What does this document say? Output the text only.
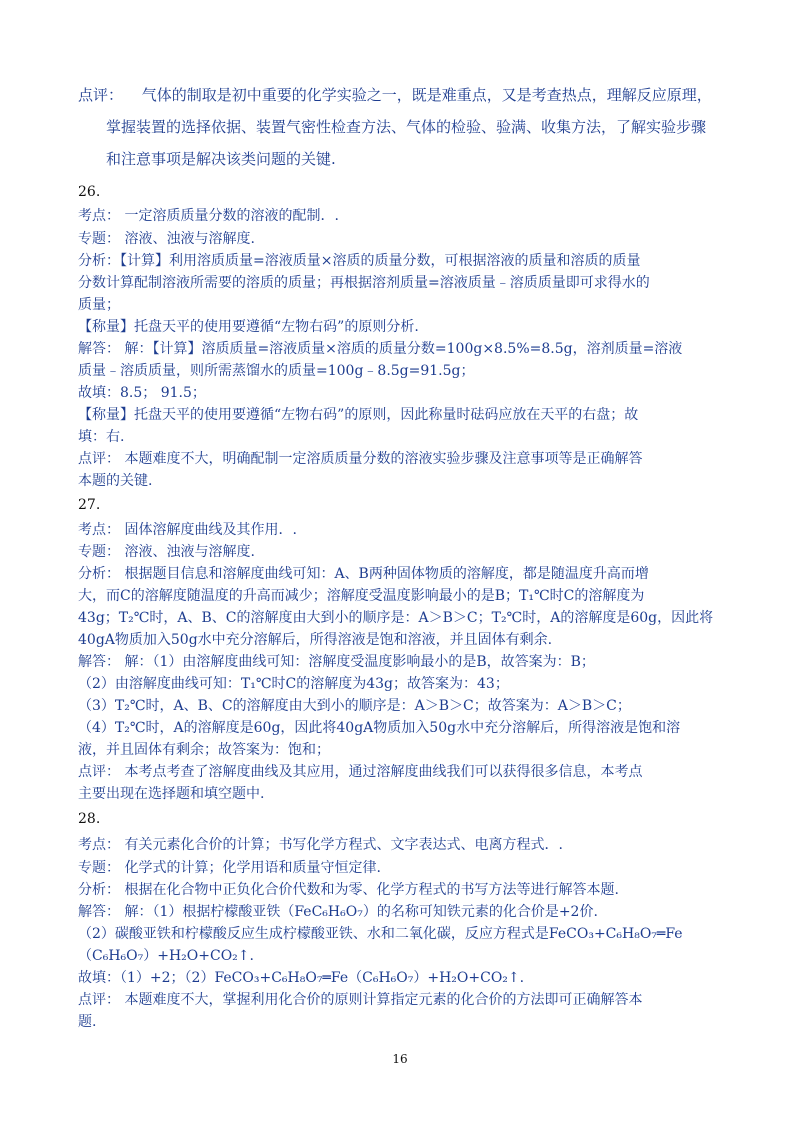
点评： 气体的制取是初中重要的化学实验之一，既是难重点，又是考查热点，理解反应原理，
掌握装置的选择依据、装置气密性检查方法、气体的检验、验满、收集方法，了解实验步骤
和注意事项是解决该类问题的关键.
26.
考点： 一定溶质质量分数的溶液的配制．.
专题： 溶液、浊液与溶解度.
分析：【计算】利用溶质质量=溶液质量×溶质的质量分数，可根据溶液的质量和溶质的质量
分数计算配制溶液所需要的溶质的质量；再根据溶剂质量=溶液质量﹣溶质质量即可求得水的
质量；
【称量】托盘天平的使用要遵循“左物右码”的原则分析.
解答： 解：【计算】溶质质量=溶液质量×溶质的质量分数=100g×8.5%=8.5g，溶剂质量=溶液
质量﹣溶质质量，则所需蒸馏水的质量=100g﹣8.5g=91.5g；
故填：8.5； 91.5；
【称量】托盘天平的使用要遵循“左物右码”的原则，因此称量时砝码应放在天平的右盘；故
填：右.
点评： 本题难度不大，明确配制一定溶质质量分数的溶液实验步骤及注意事项等是正确解答
本题的关键.
27.
考点： 固体溶解度曲线及其作用．.
专题： 溶液、浊液与溶解度.
分析： 根据题目信息和溶解度曲线可知：A、B两种固体物质的溶解度，都是随温度升高而增
大，而C的溶解度随温度的升高而减少；溶解度受温度影响最小的是B；T₁℃时C的溶解度为
43g；T₂℃时，A、B、C的溶解度由大到小的顺序是：A＞B＞C；T₂℃时，A的溶解度是60g，因此将
40gA物质加入50g水中充分溶解后，所得溶液是饱和溶液，并且固体有剩余.
解答： 解：（1）由溶解度曲线可知：溶解度受温度影响最小的是B，故答案为：B；
（2）由溶解度曲线可知：T₁℃时C的溶解度为43g；故答案为：43；
（3）T₂℃时，A、B、C的溶解度由大到小的顺序是：A＞B＞C；故答案为：A＞B＞C；
（4）T₂℃时，A的溶解度是60g，因此将40gA物质加入50g水中充分溶解后，所得溶液是饱和溶
液，并且固体有剩余；故答案为：饱和；
点评： 本考点考查了溶解度曲线及其应用，通过溶解度曲线我们可以获得很多信息，本考点
主要出现在选择题和填空题中.
28.
考点： 有关元素化合价的计算；书写化学方程式、文字表达式、电离方程式．.
专题： 化学式的计算；化学用语和质量守恒定律.
分析： 根据在化合物中正负化合价代数和为零、化学方程式的书写方法等进行解答本题.
解答： 解：（1）根据柠檬酸亚铁（FeC₆H₆O₇）的名称可知铁元素的化合价是+2价.
（2）碳酸亚铁和柠檬酸反应生成柠檬酸亚铁、水和二氧化碳，反应方程式是FeCO₃+C₆H₈O₇═Fe
（C₆H₆O₇）+H₂O+CO₂↑.
故填：（1）+2；（2）FeCO₃+C₆H₈O₇═Fe（C₆H₆O₇）+H₂O+CO₂↑.
点评： 本题难度不大，掌握利用化合价的原则计算指定元素的化合价的方法即可正确解答本
题.
16
